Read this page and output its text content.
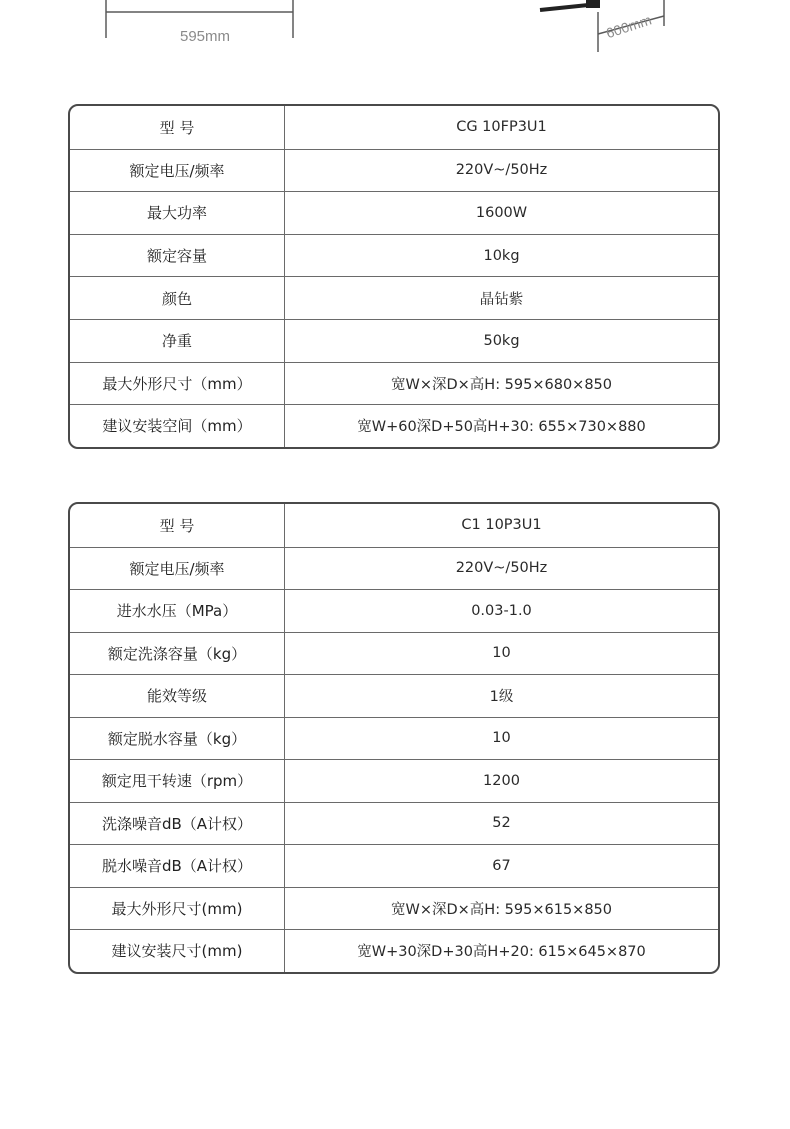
595mm	600mm
型 号	CG 10FP3U1
额定电压/频率	220V~/50Hz
最大功率	1600W
额定容量	10kg
颜色	晶钻紫
净重	50kg
最大外形尺寸（mm）	宽W×深D×高H: 595×680×850
建议安装空间（mm）	宽W+60深D+50高H+30: 655×730×880
型 号	C1 10P3U1
额定电压/频率	220V~/50Hz
进水水压（MPa）	0.03-1.0
额定洗涤容量（kg）	10
能效等级	1级
额定脱水容量（kg）	10
额定甩干转速（rpm）	1200
洗涤噪音dB（A计权）	52
脱水噪音dB（A计权）	67
最大外形尺寸(mm)	宽W×深D×高H: 595×615×850
建议安装尺寸(mm)	宽W+30深D+30高H+20: 615×645×870
